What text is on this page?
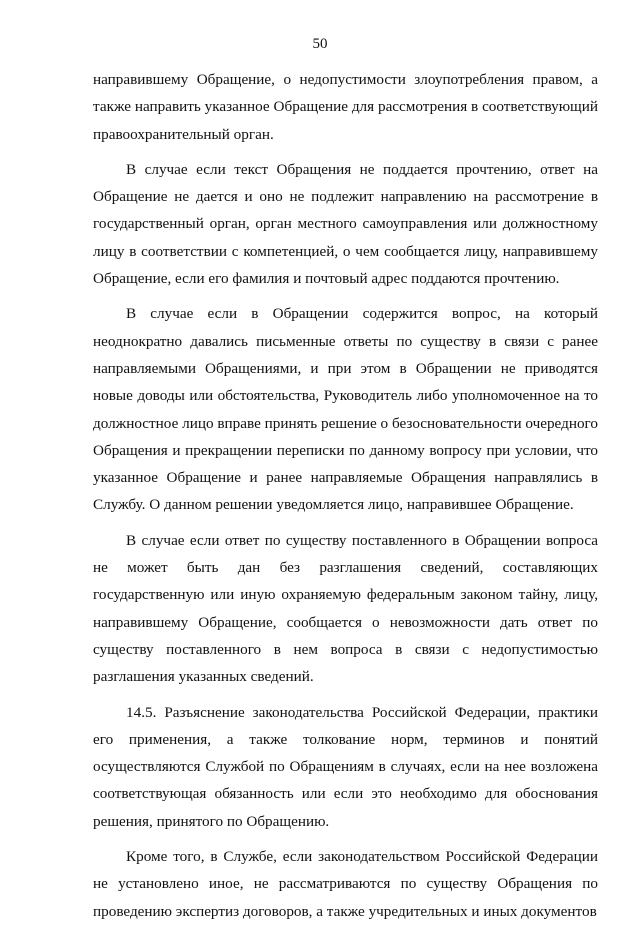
50

направившему Обращение, о недопустимости злоупотребления правом, а также направить указанное Обращение для рассмотрения в соответствующий правоохранительный орган.

В случае если текст Обращения не поддается прочтению, ответ на Обращение не дается и оно не подлежит направлению на рассмотрение в государственный орган, орган местного самоуправления или должностному лицу в соответствии с компетенцией, о чем сообщается лицу, направившему Обращение, если его фамилия и почтовый адрес поддаются прочтению.

В случае если в Обращении содержится вопрос, на который неоднократно давались письменные ответы по существу в связи с ранее направляемыми Обращениями, и при этом в Обращении не приводятся новые доводы или обстоятельства, Руководитель либо уполномоченное на то должностное лицо вправе принять решение о безосновательности очередного Обращения и прекращении переписки по данному вопросу при условии, что указанное Обращение и ранее направляемые Обращения направлялись в Службу. О данном решении уведомляется лицо, направившее Обращение.

В случае если ответ по существу поставленного в Обращении вопроса не может быть дан без разглашения сведений, составляющих государственную или иную охраняемую федеральным законом тайну, лицу, направившему Обращение, сообщается о невозможности дать ответ по существу поставленного в нем вопроса в связи с недопустимостью разглашения указанных сведений.

14.5. Разъяснение законодательства Российской Федерации, практики его применения, а также толкование норм, терминов и понятий осуществляются Службой по Обращениям в случаях, если на нее возложена соответствующая обязанность или если это необходимо для обоснования решения, принятого по Обращению.

Кроме того, в Службе, если законодательством Российской Федерации не установлено иное, не рассматриваются по существу Обращения по проведению экспертиз договоров, а также учредительных и иных документов
